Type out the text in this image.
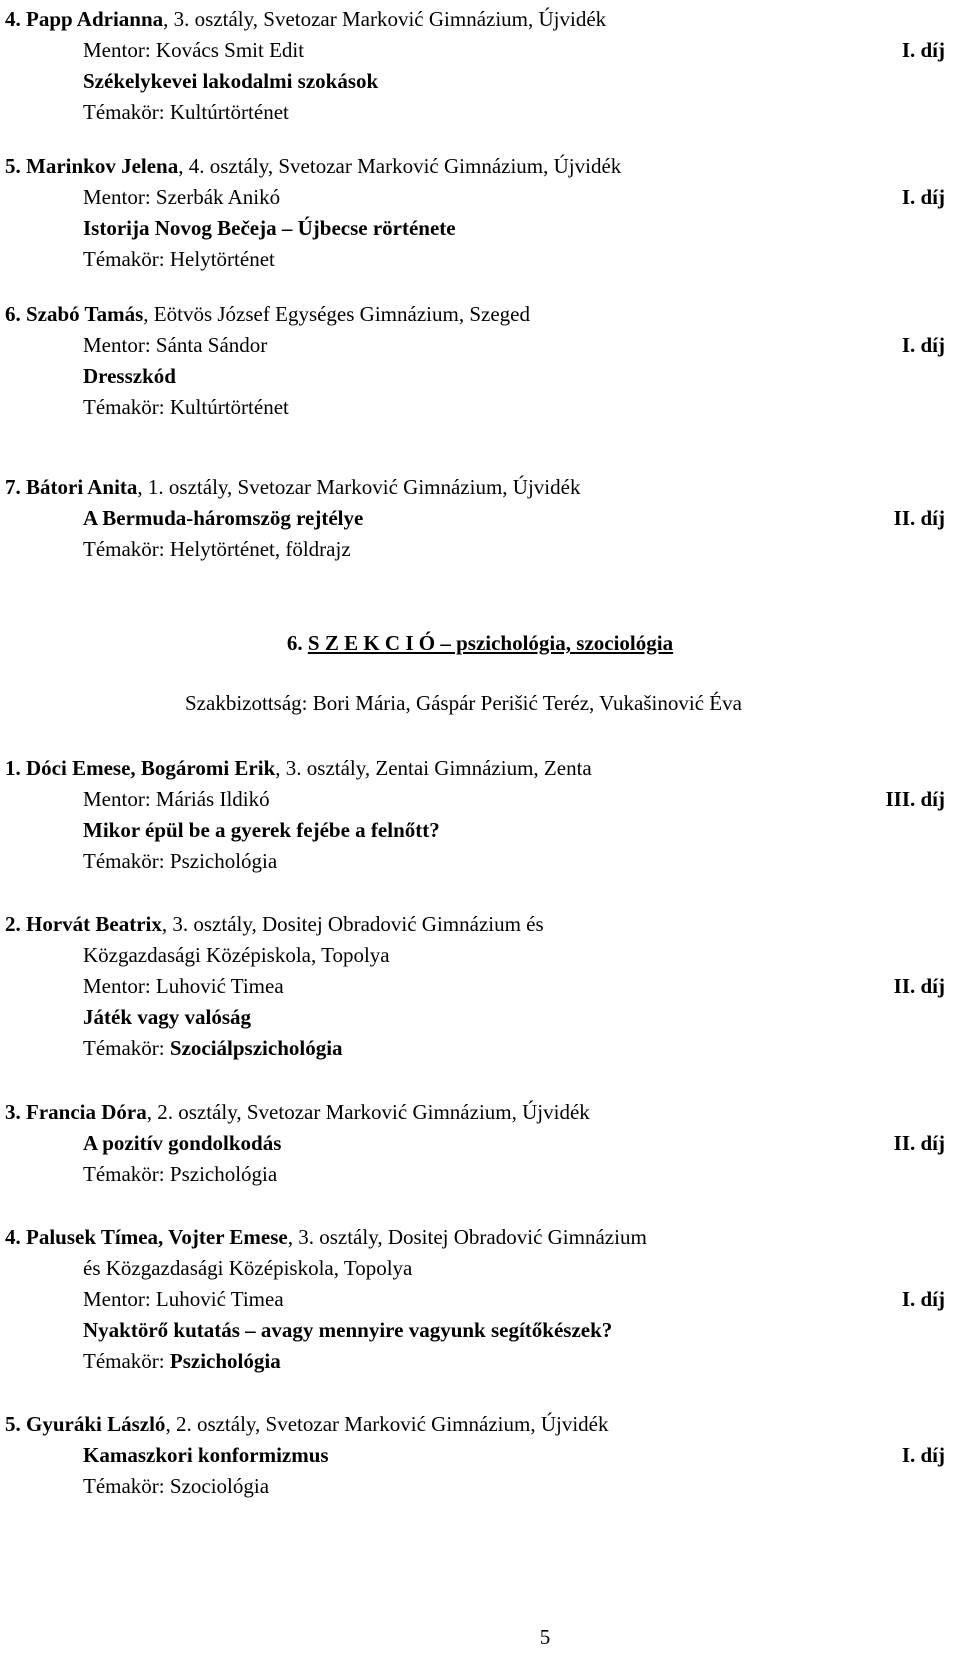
4. Papp Adrianna, 3. osztály, Svetozar Marković Gimnázium, Újvidék
Mentor: Kovács Smit Edit
Székelykevei lakodalmi szokások
Témakör: Kultúrtörténet
I. díj
5. Marinkov Jelena, 4. osztály, Svetozar Marković Gimnázium, Újvidék
Mentor: Szerbák Anikó
Istorija Novog Bečeja – Újbecse rörténete
Témakör: Helytörténet
I. díj
6. Szabó Tamás, Eötvös József Egységes Gimnázium, Szeged
Mentor: Sánta Sándor
Dresszkód
Témakör: Kultúrtörténet
I. díj
7. Bátori Anita, 1. osztály, Svetozar Marković Gimnázium, Újvidék
A Bermuda-háromszög rejtélye
Témakör: Helytörténet, földrajz
II. díj
6. S Z E K C I Ó – pszichológia, szociológia
Szakbizottság: Bori Mária, Gáspár Perišić Teréz, Vukašinović Éva
1. Dóci Emese, Bogáromi Erik, 3. osztály, Zentai Gimnázium, Zenta
Mentor: Máriás Ildikó
Mikor épül be a gyerek fejébe a felnőtt?
Témakör: Pszichológia
III. díj
2. Horvát Beatrix, 3. osztály, Dositej Obradović Gimnázium és
Közgazdasági Középiskola, Topolya
Mentor: Luhović Timea
Játék vagy valóság
Témakör: Szociálpszichológia
II. díj
3. Francia Dóra, 2. osztály, Svetozar Marković Gimnázium, Újvidék
A pozitív gondolkodás
Témakör: Pszichológia
II. díj
4. Palusek Tímea, Vojter Emese, 3. osztály, Dositej Obradović Gimnázium
és Közgazdasági Középiskola, Topolya
Mentor: Luhović Timea
Nyaktörő kutatás – avagy mennyire vagyunk segítőkészek?
Témakör: Pszichológia
I. díj
5. Gyuráki László, 2. osztály, Svetozar Marković Gimnázium, Újvidék
Kamaszkori konformizmus
Témakör: Szociológia
I. díj
5
